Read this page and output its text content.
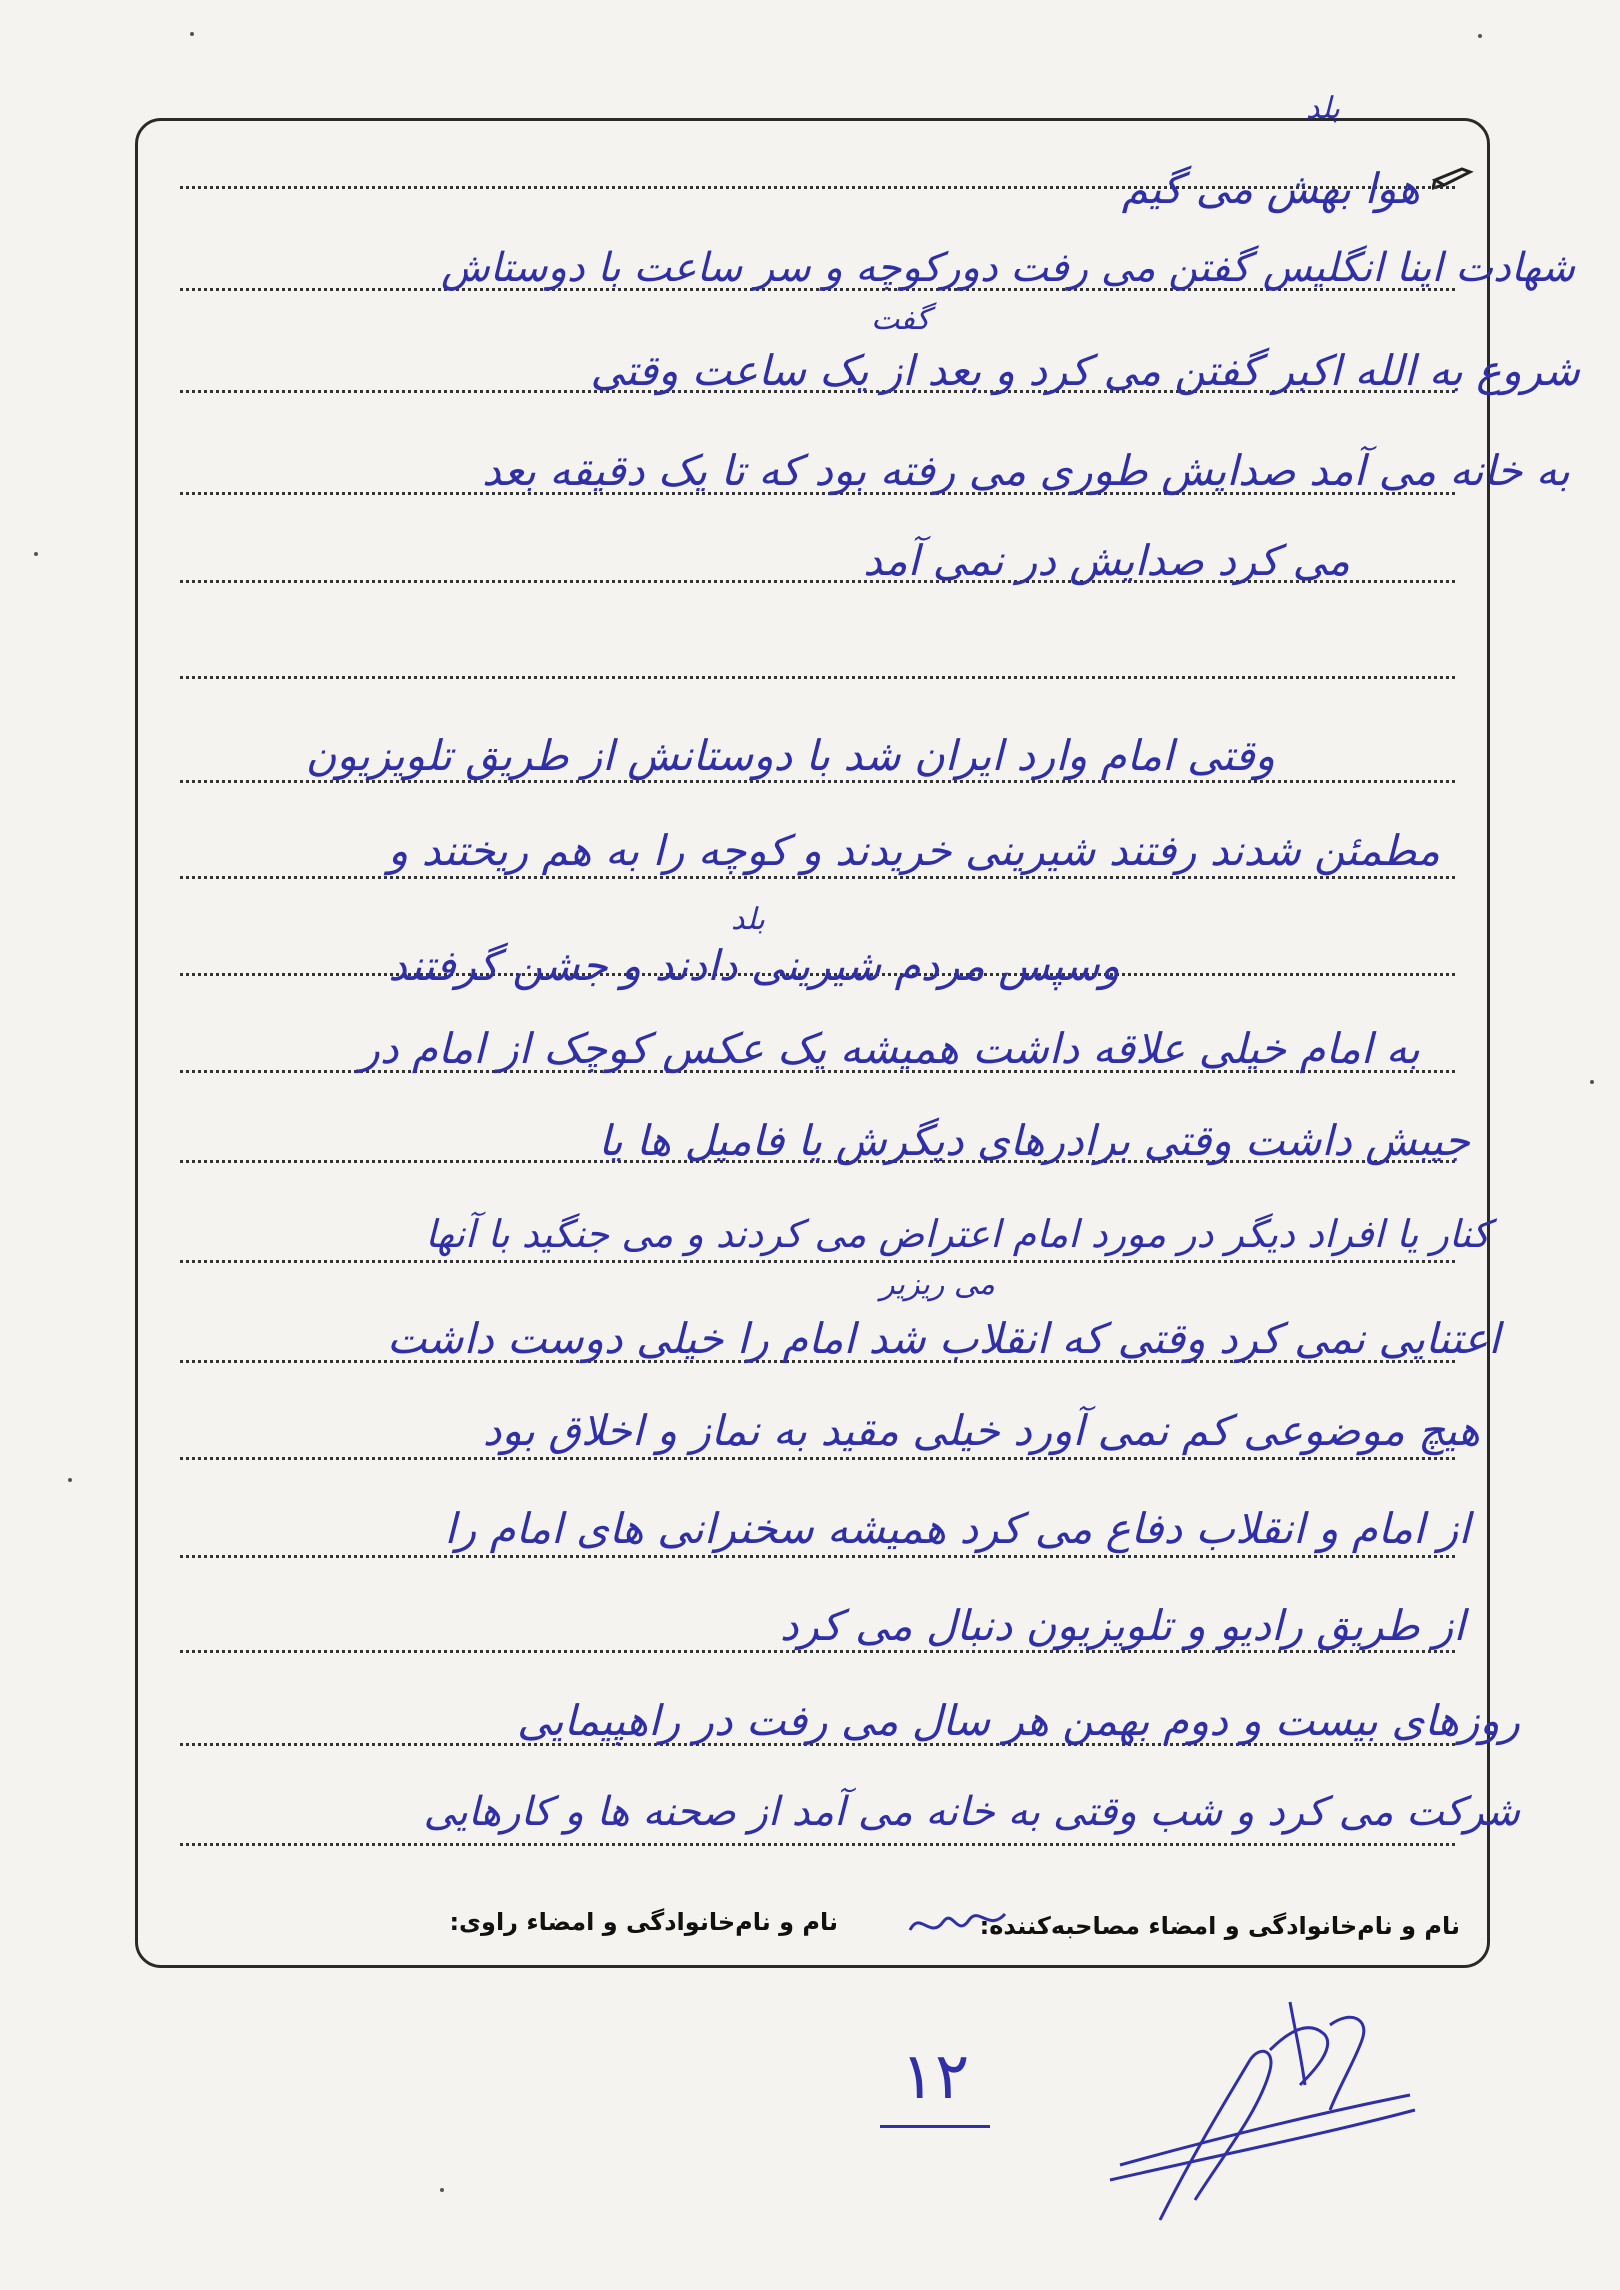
بلد
هوا بهش می گیم
شهادت اینا انگلیس گفتن می رفت دورکوچه و سر ساعت با دوستاش
گفت
شروع به الله اکبر گفتن می کرد و بعد از یک ساعت وقتی
به خانه می آمد صدایش طوری می رفته بود که تا یک دقیقه بعد
می کرد صدایش در نمی آمد
وقتی امام وارد ایران شد با دوستانش از طریق تلویزیون
مطمئن شدند رفتند شیرینی خریدند و کوچه را به هم ریختند و
بلد
وسپس مردم شیرینی دادند و جشن گرفتند
به امام خیلی علاقه داشت همیشه یک عکس کوچک از امام در
جیبش داشت وقتی برادرهای دیگرش یا فامیل ها یا
کنار یا افراد دیگر در مورد امام اعتراض می کردند و می جنگید با آنها
می ریزیر
اعتنایی نمی کرد وقتی که انقلاب شد امام را خیلی دوست داشت
هیچ موضوعی کم نمی آورد خیلی مقید به نماز و اخلاق بود
از امام و انقلاب دفاع می کرد همیشه سخنرانی های امام را
از طریق رادیو و تلویزیون دنبال می کرد
روزهای بیست و دوم بهمن هر سال می رفت در راهپیمایی
شرکت می کرد و شب وقتی به خانه می آمد از صحنه ها و کارهایی
نام و نام‌خانوادگی و امضاء مصاحبه‌کننده:
نام و نام‌خانوادگی و امضاء راوی:
۱۲
